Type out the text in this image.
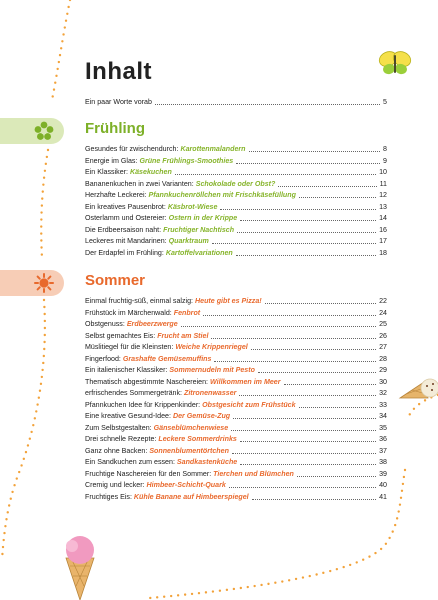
Inhalt
Ein paar Worte vorab	5
Frühling
Gesundes für zwischendurch: Karottenmalandern	8
Energie im Glas: Grüne Frühlings-Smoothies	9
Ein Klassiker: Käsekuchen	10
Bananenkuchen in zwei Varianten: Schokolade oder Obst?	11
Herzhafte Leckerei: Pfannkuchenröllchen mit Frischkäsefüllung	12
Ein kreatives Pausenbrot: Käsbrot-Wiese	13
Osterlamm und Ostereier: Ostern in der Krippe	14
Die Erdbeersaison naht: Fruchtiger Nachtisch	16
Leckeres mit Mandarinen: Quarktraum	17
Der Erdapfel im Frühling: Kartoffelvariationen	18
Sommer
Einmal fruchtig-süß, einmal salzig: Heute gibt es Pizza!	22
Frühstück im Märchenwald: Fenbrot	24
Obstgenuss: Erdbeerzwerge	25
Selbst gemachtes Eis: Frucht am Stiel	26
Müslitiegel für die Kleinsten: Weiche Krippenriegel	27
Fingerfood: Grashafte Gemüsemuffins	28
Ein italienischer Klassiker: Sommernudeln mit Pesto	29
Thematisch abgestimmte Naschereien: Willkommen im Meer	30
erfrischendes Sommergetränk: Zitronenwasser	32
Pfannkuchen Idee für Krippenkinder: Obstgesicht zum Frühstück	33
Eine kreative Gesund-Idee: Der Gemüse-Zug	34
Zum Selbstgestalten: Gänseblümchenwiese	35
Drei schnelle Rezepte: Leckere Sommerdrinks	36
Ganz ohne Backen: Sonnenblumentörtchen	37
Ein Sandkuchen zum essen: Sandkastenküche	38
Fruchtige Naschereien für den Sommer: Tierchen und Blümchen	39
Cremig und lecker: Himbeer-Schicht-Quark	40
Fruchtiges Eis: Kühle Banane auf Himbeerspiegel	41
